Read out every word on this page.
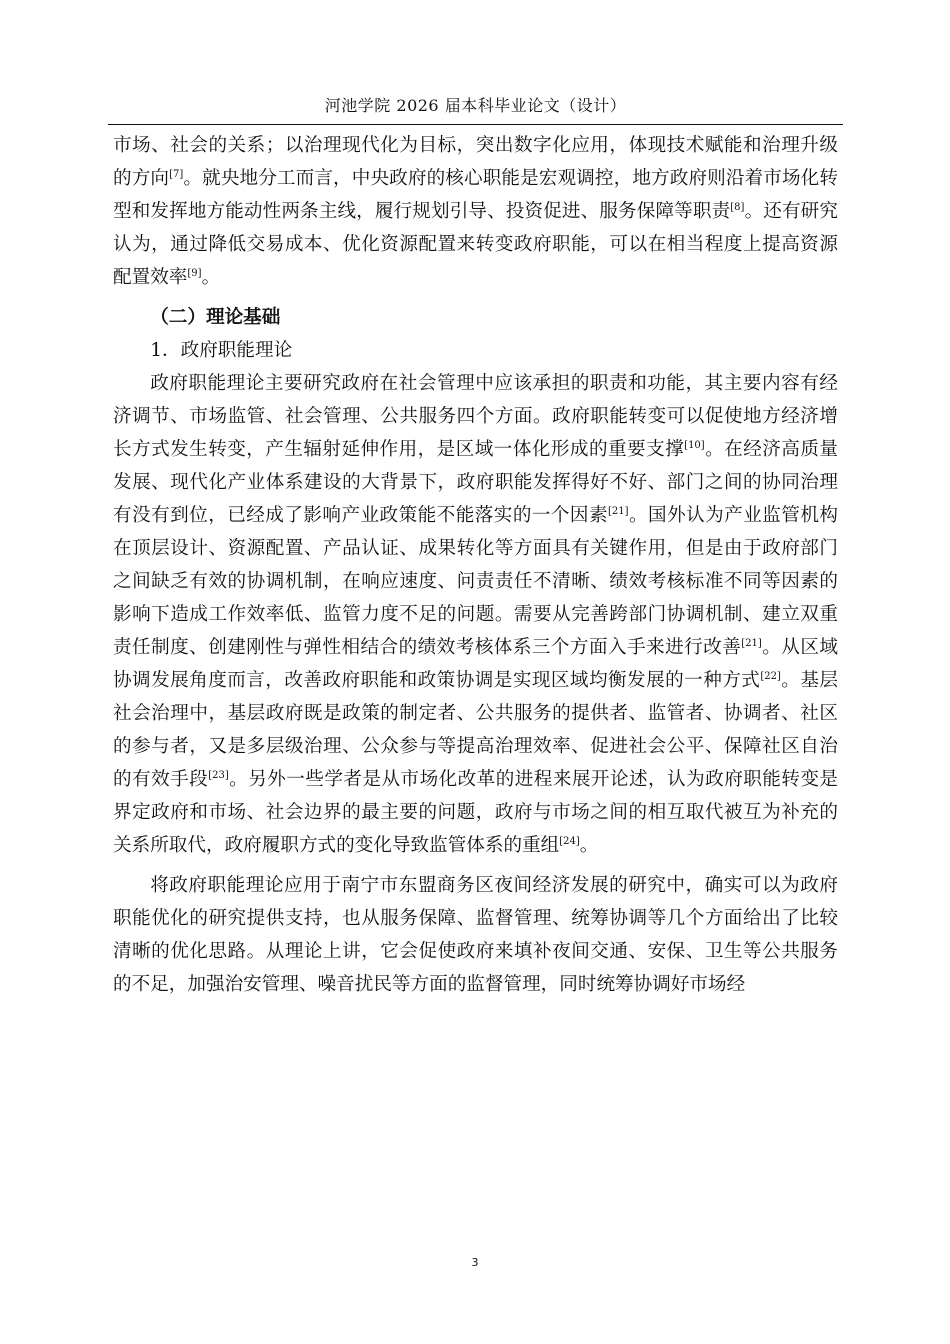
河池学院 2026 届本科毕业论文（设计）

市场、社会的关系；以治理现代化为目标，突出数字化应用，体现技术赋能和治理升级的方向[7]。就央地分工而言，中央政府的核心职能是宏观调控，地方政府则沿着市场化转型和发挥地方能动性两条主线，履行规划引导、投资促进、服务保障等职责[8]。还有研究认为，通过降低交易成本、优化资源配置来转变政府职能，可以在相当程度上提高资源配置效率[9]。

（二）理论基础
1．政府职能理论

政府职能理论主要研究政府在社会管理中应该承担的职责和功能，其主要内容有经济调节、市场监管、社会管理、公共服务四个方面。政府职能转变可以促使地方经济增长方式发生转变，产生辐射延伸作用，是区域一体化形成的重要支撑[10]。在经济高质量发展、现代化产业体系建设的大背景下，政府职能发挥得好不好、部门之间的协同治理有没有到位，已经成了影响产业政策能不能落实的一个因素[21]。国外认为产业监管机构在顶层设计、资源配置、产品认证、成果转化等方面具有关键作用，但是由于政府部门之间缺乏有效的协调机制，在响应速度、问责责任不清晰、绩效考核标准不同等因素的影响下造成工作效率低、监管力度不足的问题。需要从完善跨部门协调机制、建立双重责任制度、创建刚性与弹性相结合的绩效考核体系三个方面入手来进行改善[21]。从区域协调发展角度而言，改善政府职能和政策协调是实现区域均衡发展的一种方式[22]。基层社会治理中，基层政府既是政策的制定者、公共服务的提供者、监管者、协调者、社区的参与者，又是多层级治理、公众参与等提高治理效率、促进社会公平、保障社区自治的有效手段[23]。另外一些学者是从市场化改革的进程来展开论述，认为政府职能转变是界定政府和市场、社会边界的最主要的问题，政府与市场之间的相互取代被互为补充的关系所取代，政府履职方式的变化导致监管体系的重组[24]。

将政府职能理论应用于南宁市东盟商务区夜间经济发展的研究中，确实可以为政府职能优化的研究提供支持，也从服务保障、监督管理、统筹协调等几个方面给出了比较清晰的优化思路。从理论上讲，它会促使政府来填补夜间交通、安保、卫生等公共服务的不足，加强治安管理、噪音扰民等方面的监督管理，同时统筹协调好市场经

3
